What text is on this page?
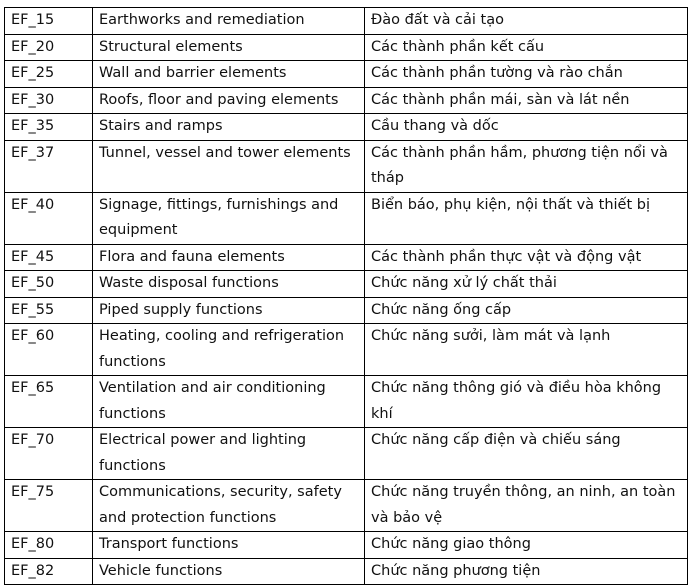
EF_15	Earthworks and remediation	Đào đất và cải tạo
EF_20	Structural elements	Các thành phần kết cấu
EF_25	Wall and barrier elements	Các thành phần tường và rào chắn
EF_30	Roofs, floor and paving elements	Các thành phần mái, sàn và lát nền
EF_35	Stairs and ramps	Cầu thang và dốc
EF_37	Tunnel, vessel and tower elements	Các thành phần hầm, phương tiện nổi và tháp
EF_40	Signage, fittings, furnishings and equipment	Biển báo, phụ kiện, nội thất và thiết bị
EF_45	Flora and fauna elements	Các thành phần thực vật và động vật
EF_50	Waste disposal functions	Chức năng xử lý chất thải
EF_55	Piped supply functions	Chức năng ống cấp
EF_60	Heating, cooling and refrigeration functions	Chức năng sưởi, làm mát và lạnh
EF_65	Ventilation and air conditioning functions	Chức năng thông gió và điều hòa không khí
EF_70	Electrical power and lighting functions	Chức năng cấp điện và chiếu sáng
EF_75	Communications, security, safety and protection functions	Chức năng truyền thông, an ninh, an toàn và bảo vệ
EF_80	Transport functions	Chức năng giao thông
EF_82	Vehicle functions	Chức năng phương tiện
